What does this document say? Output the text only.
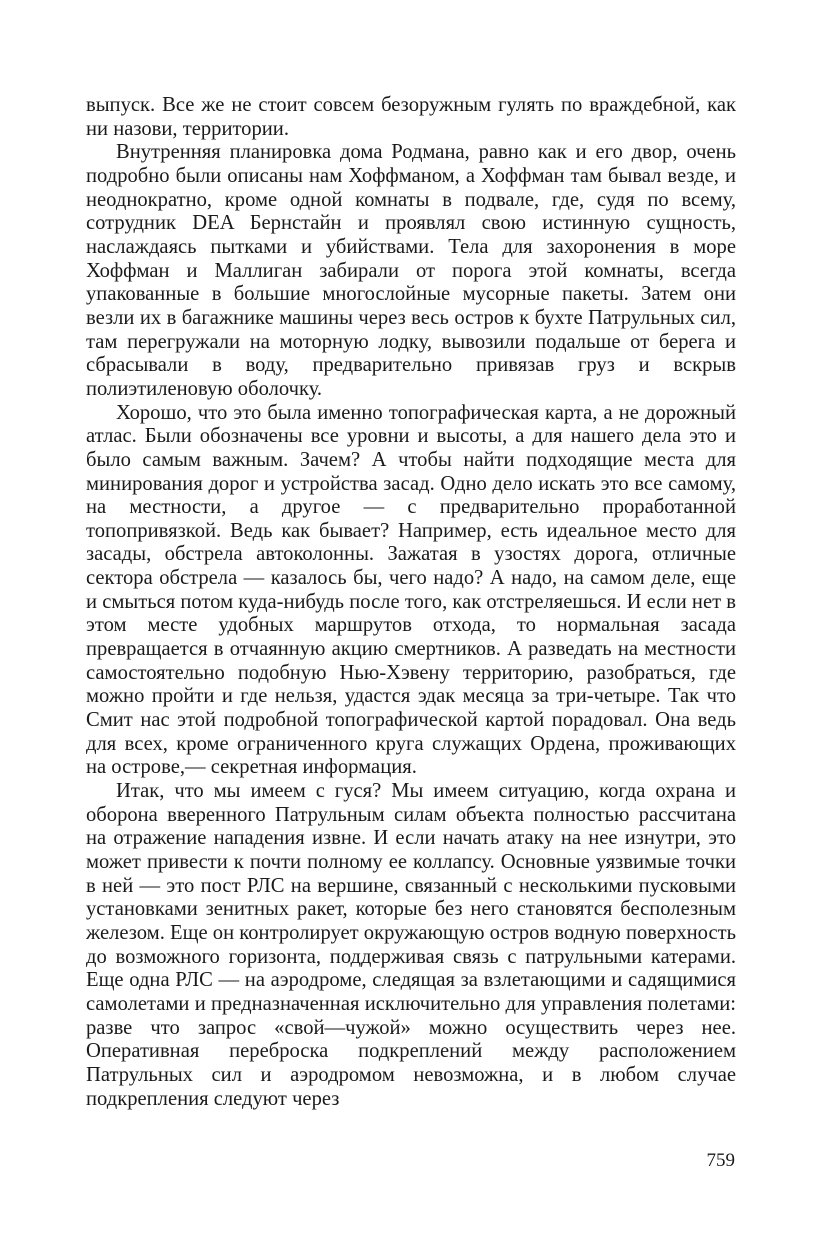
выпуск. Все же не стоит совсем безоружным гулять по враждебной, как ни назови, территории.

Внутренняя планировка дома Родмана, равно как и его двор, очень подробно были описаны нам Хоффманом, а Хоффман там бывал везде, и неоднократно, кроме одной комнаты в подвале, где, судя по всему, сотрудник DEA Бернстайн и проявлял свою истинную сущность, наслаждаясь пытками и убийствами. Тела для захоронения в море Хоффман и Маллиган забирали от порога этой комнаты, всегда упакованные в большие многослойные мусорные пакеты. Затем они везли их в багажнике машины через весь остров к бухте Патрульных сил, там перегружали на моторную лодку, вывозили подальше от берега и сбрасывали в воду, предварительно привязав груз и вскрыв полиэтиленовую оболочку.

Хорошо, что это была именно топографическая карта, а не дорожный атлас. Были обозначены все уровни и высоты, а для нашего дела это и было самым важным. Зачем? А чтобы найти подходящие места для минирования дорог и устройства засад. Одно дело искать это все самому, на местности, а другое — с предварительно проработанной топопривязкой. Ведь как бывает? Например, есть идеальное место для засады, обстрела автоколонны. Зажатая в узостях дорога, отличные сектора обстрела — казалось бы, чего надо? А надо, на самом деле, еще и смыться потом куда-нибудь после того, как отстреляешься. И если нет в этом месте удобных маршрутов отхода, то нормальная засада превращается в отчаянную акцию смертников. А разведать на местности самостоятельно подобную Нью-Хэвену территорию, разобраться, где можно пройти и где нельзя, удастся эдак месяца за три-четыре. Так что Смит нас этой подробной топографической картой порадовал. Она ведь для всех, кроме ограниченного круга служащих Ордена, проживающих на острове,— секретная информация.

Итак, что мы имеем с гуся? Мы имеем ситуацию, когда охрана и оборона вверенного Патрульным силам объекта полностью рассчитана на отражение нападения извне. И если начать атаку на нее изнутри, это может привести к почти полному ее коллапсу. Основные уязвимые точки в ней — это пост РЛС на вершине, связанный с несколькими пусковыми установками зенитных ракет, которые без него становятся бесполезным железом. Еще он контролирует окружающую остров водную поверхность до возможного горизонта, поддерживая связь с патрульными катерами. Еще одна РЛС — на аэродроме, следящая за взлетающими и садящимися самолетами и предназначенная исключительно для управления полетами: разве что запрос «свой—чужой» можно осуществить через нее. Оперативная переброска подкреплений между расположением Патрульных сил и аэродромом невозможна, и в любом случае подкрепления следуют через

759
